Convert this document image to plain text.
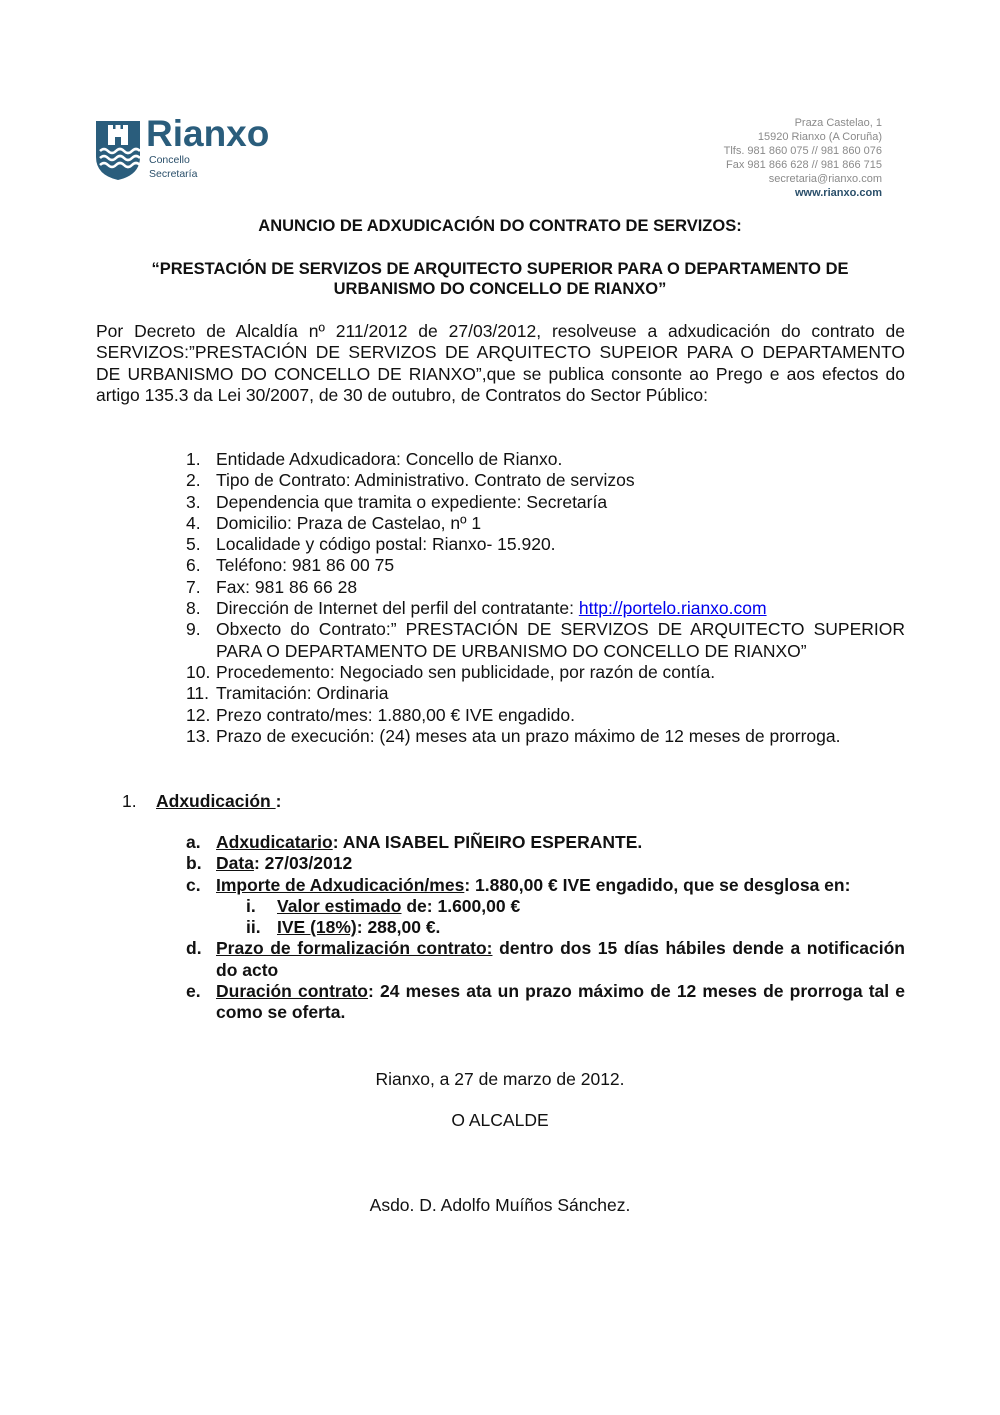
Rianxo
Concello
Secretaría
Praza Castelao, 1
15920 Rianxo (A Coruña)
Tlfs. 981 860 075 // 981 860 076
Fax 981 866 628 // 981 866 715
secretaria@rianxo.com
www.rianxo.com
ANUNCIO DE ADXUDICACIÓN DO CONTRATO DE SERVIZOS:
“PRESTACIÓN DE SERVIZOS DE ARQUITECTO SUPERIOR PARA O DEPARTAMENTO DE
URBANISMO DO CONCELLO DE RIANXO”
Por Decreto de Alcaldía nº 211/2012 de 27/03/2012, resolveuse a adxudicación do contrato de SERVIZOS:”PRESTACIÓN DE SERVIZOS DE ARQUITECTO SUPEIOR PARA O DEPARTAMENTO DE URBANISMO DO CONCELLO DE RIANXO”,que se publica consonte ao Prego e aos efectos do artigo 135.3 da Lei 30/2007, de 30 de outubro, de Contratos do Sector Público:
1. Entidade Adxudicadora: Concello de Rianxo.
2. Tipo de Contrato: Administrativo. Contrato de servizos
3. Dependencia que tramita o expediente: Secretaría
4. Domicilio: Praza de Castelao, nº 1
5. Localidade y código postal: Rianxo- 15.920.
6. Teléfono: 981 86 00 75
7. Fax: 981 86 66 28
8. Dirección de Internet del perfil del contratante: http://portelo.rianxo.com
9. Obxecto do Contrato:” PRESTACIÓN DE SERVIZOS DE ARQUITECTO SUPERIOR PARA O DEPARTAMENTO DE URBANISMO DO CONCELLO DE RIANXO”
10. Procedemento: Negociado sen publicidade, por razón de contía.
11. Tramitación: Ordinaria
12. Prezo contrato/mes: 1.880,00 € IVE engadido.
13. Prazo de execución: (24) meses ata un prazo máximo de 12 meses de prorroga.
1. Adxudicación :
a. Adxudicatario: ANA ISABEL PIÑEIRO ESPERANTE.
b. Data: 27/03/2012
c. Importe de Adxudicación/mes: 1.880,00 € IVE engadido, que se desglosa en:
i.	Valor estimado de: 1.600,00 €
ii. IVE (18%): 288,00 €.
d. Prazo de formalización contrato: dentro dos 15 días hábiles dende a notificación do acto
e. Duración contrato: 24 meses ata un prazo máximo de 12 meses de prorroga tal e como se oferta.
Rianxo, a 27 de marzo de 2012.
O ALCALDE
Asdo. D. Adolfo Muíños Sánchez.
